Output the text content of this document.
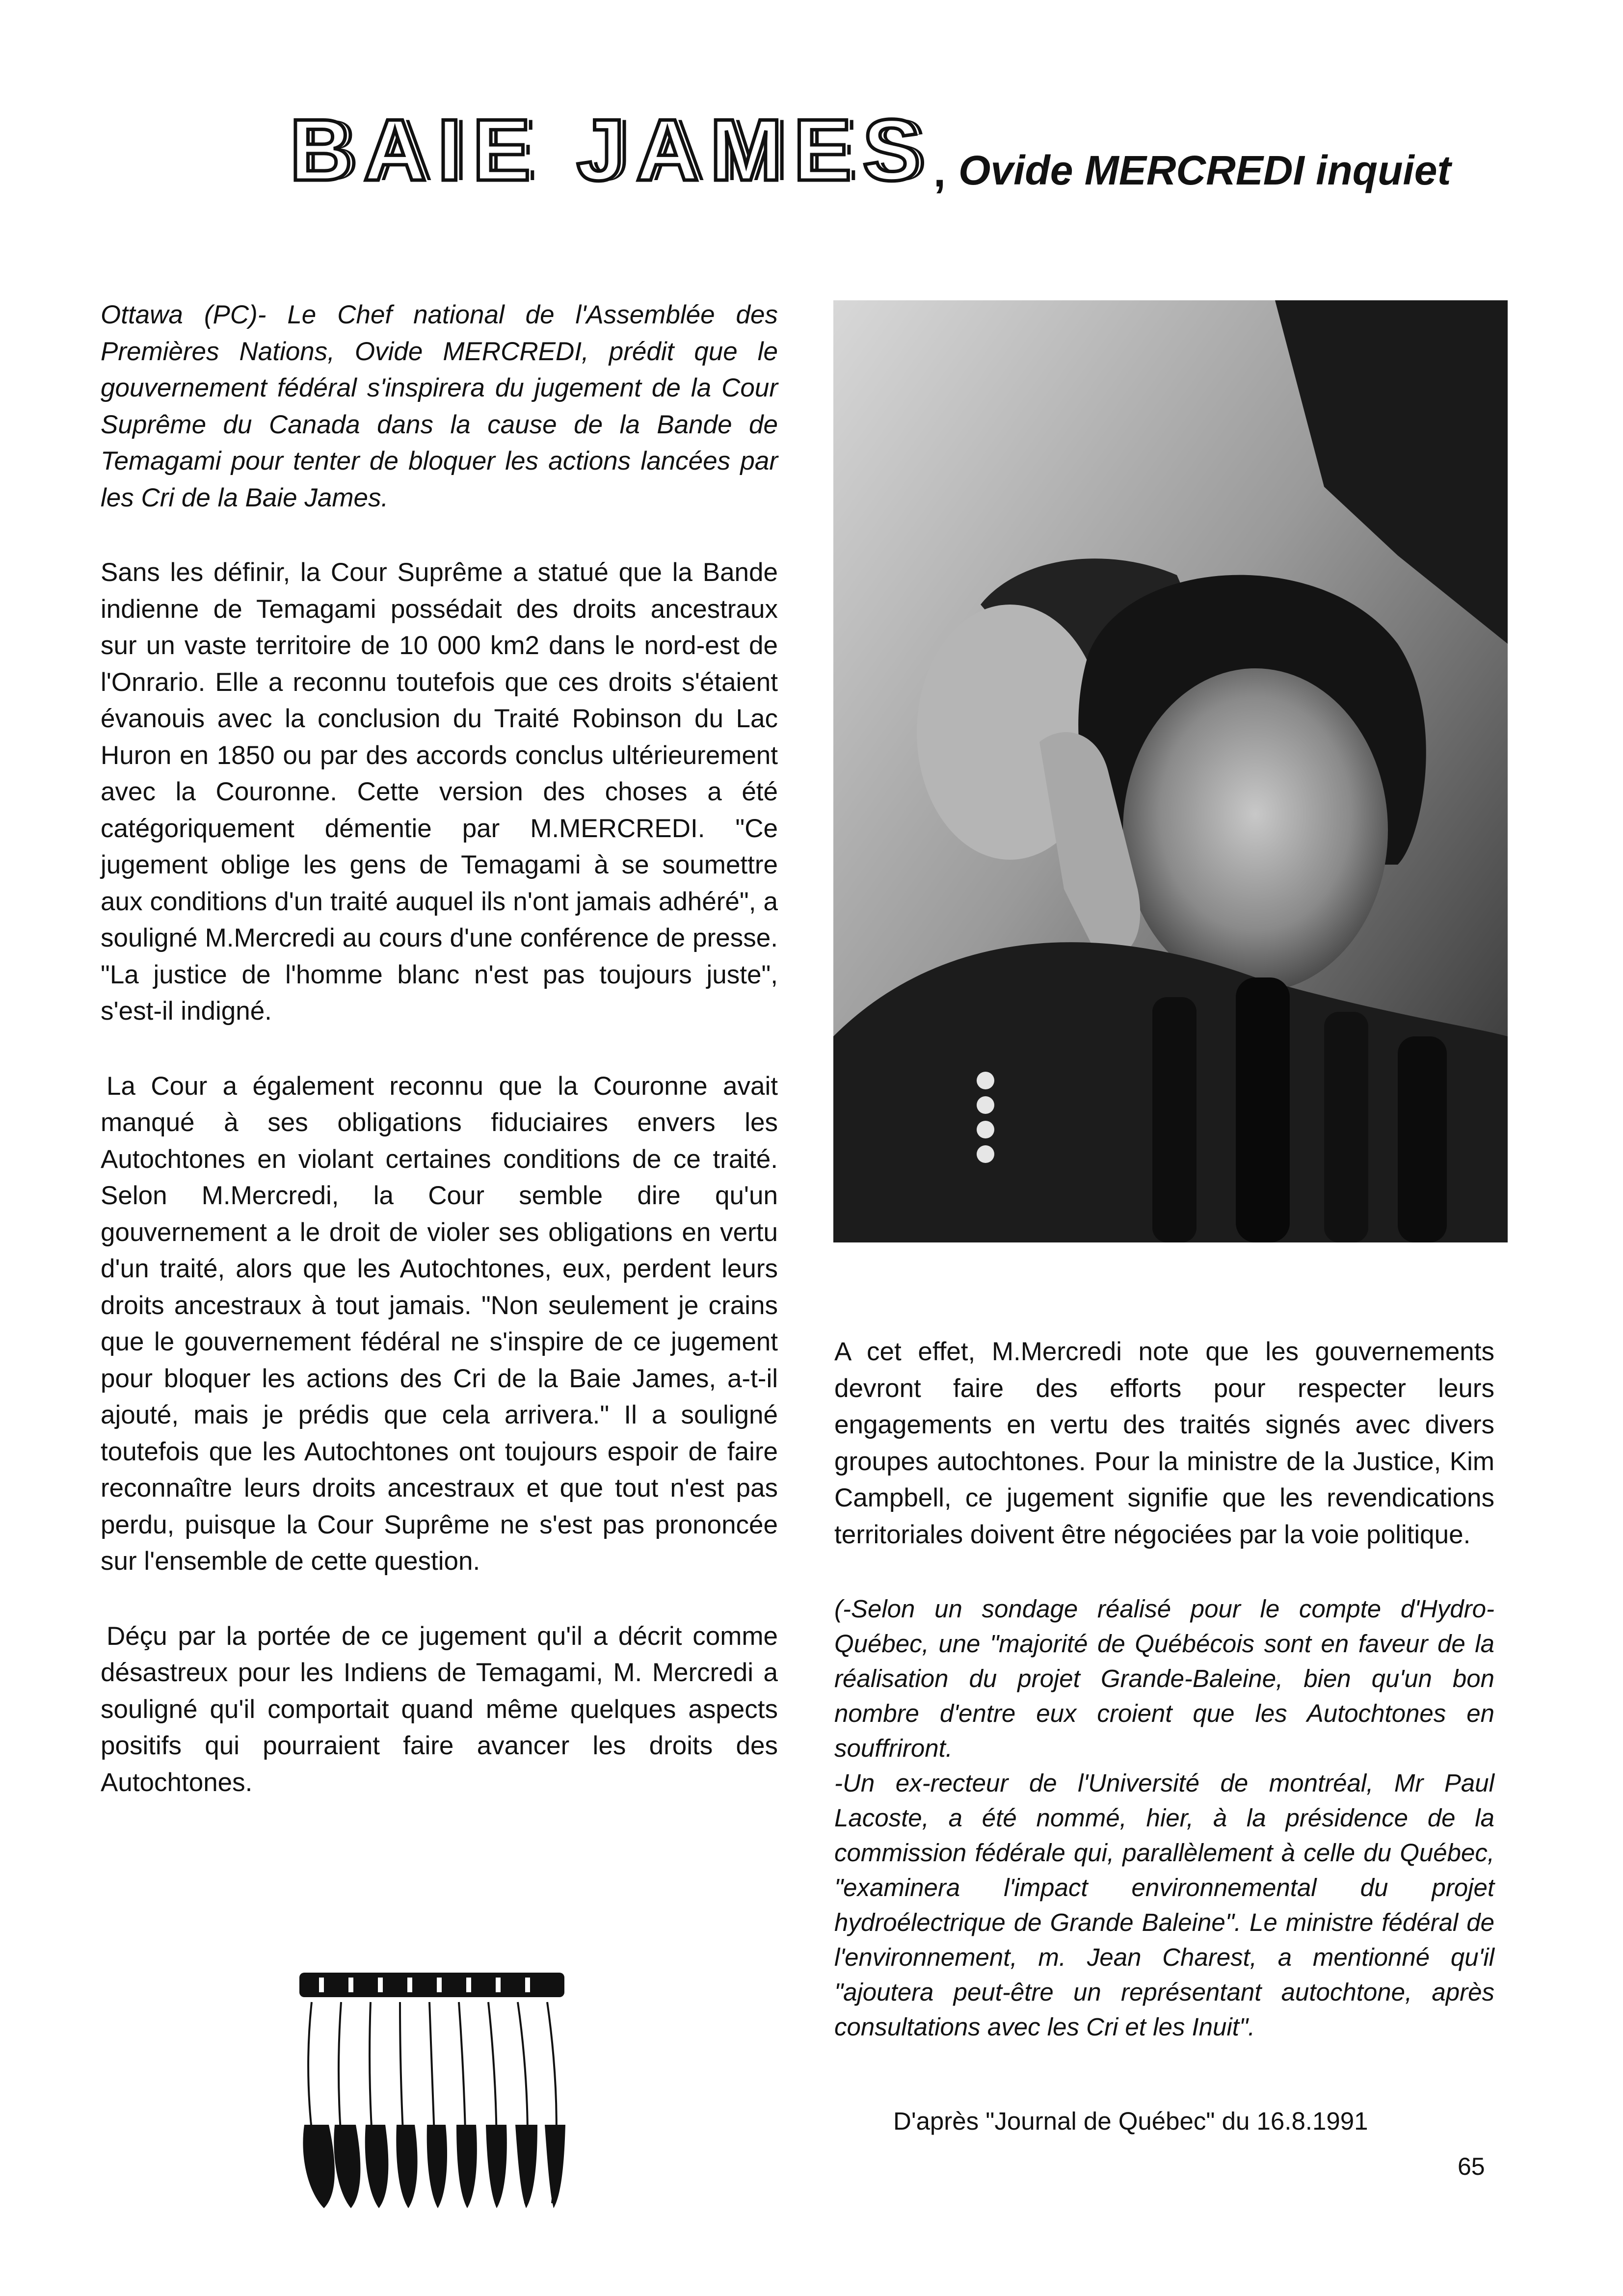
BAIE JAMES , Ovide MERCREDI inquiet

Ottawa (PC)- Le Chef national de l'Assemblée des Premières Nations, Ovide MERCREDI, prédit que le gouvernement fédéral s'inspirera du jugement de la Cour Suprême du Canada dans la cause de la Bande de Temagami pour tenter de bloquer les actions lancées par les Cri de la Baie James.

Sans les définir, la Cour Suprême a statué que la Bande indienne de Temagami possédait des droits ancestraux sur un vaste territoire de 10 000 km2 dans le nord-est de l'Onrario. Elle a reconnu toutefois que ces droits s'étaient évanouis avec la conclusion du Traité Robinson du Lac Huron en 1850 ou par des accords conclus ultérieurement avec la Couronne. Cette version des choses a été catégoriquement démentie par M.MERCREDI. "Ce jugement oblige les gens de Temagami à se soumettre aux conditions d'un traité auquel ils n'ont jamais adhéré", a souligné M.Mercredi au cours d'une conférence de presse. "La justice de l'homme blanc n'est pas toujours juste", s'est-il indigné.

La Cour a également reconnu que la Couronne avait manqué à ses obligations fiduciaires envers les Autochtones en violant certaines conditions de ce traité. Selon M.Mercredi, la Cour semble dire qu'un gouvernement a le droit de violer ses obligations en vertu d'un traité, alors que les Autochtones, eux, perdent leurs droits ancestraux à tout jamais. "Non seulement je crains que le gouvernement fédéral ne s'inspire de ce jugement pour bloquer les actions des Cri de la Baie James, a-t-il ajouté, mais je prédis que cela arrivera." Il a souligné toutefois que les Autochtones ont toujours espoir de faire reconnaître leurs droits ancestraux et que tout n'est pas perdu, puisque la Cour Suprême ne s'est pas prononcée sur l'ensemble de cette question.

Déçu par la portée de ce jugement qu'il a décrit comme désastreux pour les Indiens de Temagami, M. Mercredi a souligné qu'il comportait quand même quelques aspects positifs qui pourraient faire avancer les droits des Autochtones.

A cet effet, M.Mercredi note que les gouvernements devront faire des efforts pour respecter leurs engagements en vertu des traités signés avec divers groupes autochtones. Pour la ministre de la Justice, Kim Campbell, ce jugement signifie que les revendications territoriales doivent être négociées par la voie politique.

(-Selon un sondage réalisé pour le compte d'Hydro-Québec, une "majorité de Québécois sont en faveur de la réalisation du projet Grande-Baleine, bien qu'un bon nombre d'entre eux croient que les Autochtones en souffriront.

-Un ex-recteur de l'Université de montréal, Mr Paul Lacoste, a été nommé, hier, à la présidence de la commission fédérale qui, parallèlement à celle du Québec, "examinera l'impact environnemental du projet hydroélectrique de Grande Baleine". Le ministre fédéral de l'environnement, m. Jean Charest, a mentionné qu'il "ajoutera peut-être un représentant autochtone, après consultations avec les Cri et les Inuit".

D'après "Journal de Québec" du 16.8.1991
65
